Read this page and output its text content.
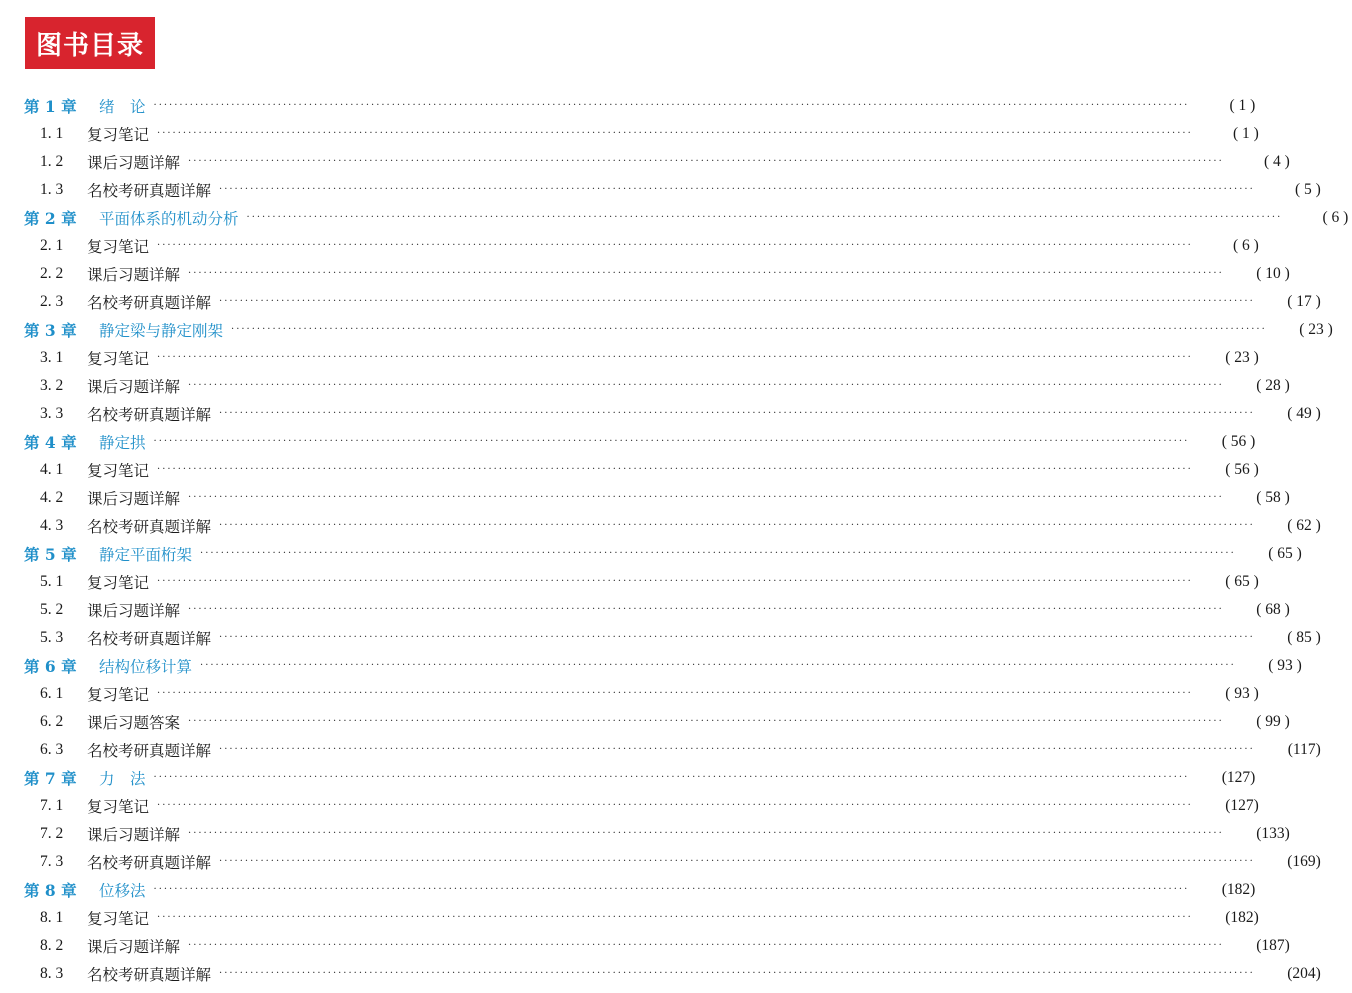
图书目录
第 1 章	绪　论 ········································································································································································································	( 1 )
1. 1	复习笔记 ········································································································································································································	( 1 )
1. 2	课后习题详解 ········································································································································································································	( 4 )
1. 3	名校考研真题详解 ········································································································································································································	( 5 )
第 2 章	平面体系的机动分析 ········································································································································································································	( 6 )
2. 1	复习笔记 ········································································································································································································	( 6 )
2. 2	课后习题详解 ········································································································································································································	( 10 )
2. 3	名校考研真题详解 ········································································································································································································	( 17 )
第 3 章	静定梁与静定刚架 ········································································································································································································	( 23 )
3. 1	复习笔记 ········································································································································································································	( 23 )
3. 2	课后习题详解 ········································································································································································································	( 28 )
3. 3	名校考研真题详解 ········································································································································································································	( 49 )
第 4 章	静定拱 ········································································································································································································	( 56 )
4. 1	复习笔记 ········································································································································································································	( 56 )
4. 2	课后习题详解 ········································································································································································································	( 58 )
4. 3	名校考研真题详解 ········································································································································································································	( 62 )
第 5 章	静定平面桁架 ········································································································································································································	( 65 )
5. 1	复习笔记 ········································································································································································································	( 65 )
5. 2	课后习题详解 ········································································································································································································	( 68 )
5. 3	名校考研真题详解 ········································································································································································································	( 85 )
第 6 章	结构位移计算 ········································································································································································································	( 93 )
6. 1	复习笔记 ········································································································································································································	( 93 )
6. 2	课后习题答案 ········································································································································································································	( 99 )
6. 3	名校考研真题详解 ········································································································································································································	(117)
第 7 章	力　法 ········································································································································································································	(127)
7. 1	复习笔记 ········································································································································································································	(127)
7. 2	课后习题详解 ········································································································································································································	(133)
7. 3	名校考研真题详解 ········································································································································································································	(169)
第 8 章	位移法 ········································································································································································································	(182)
8. 1	复习笔记 ········································································································································································································	(182)
8. 2	课后习题详解 ········································································································································································································	(187)
8. 3	名校考研真题详解 ········································································································································································································	(204)
